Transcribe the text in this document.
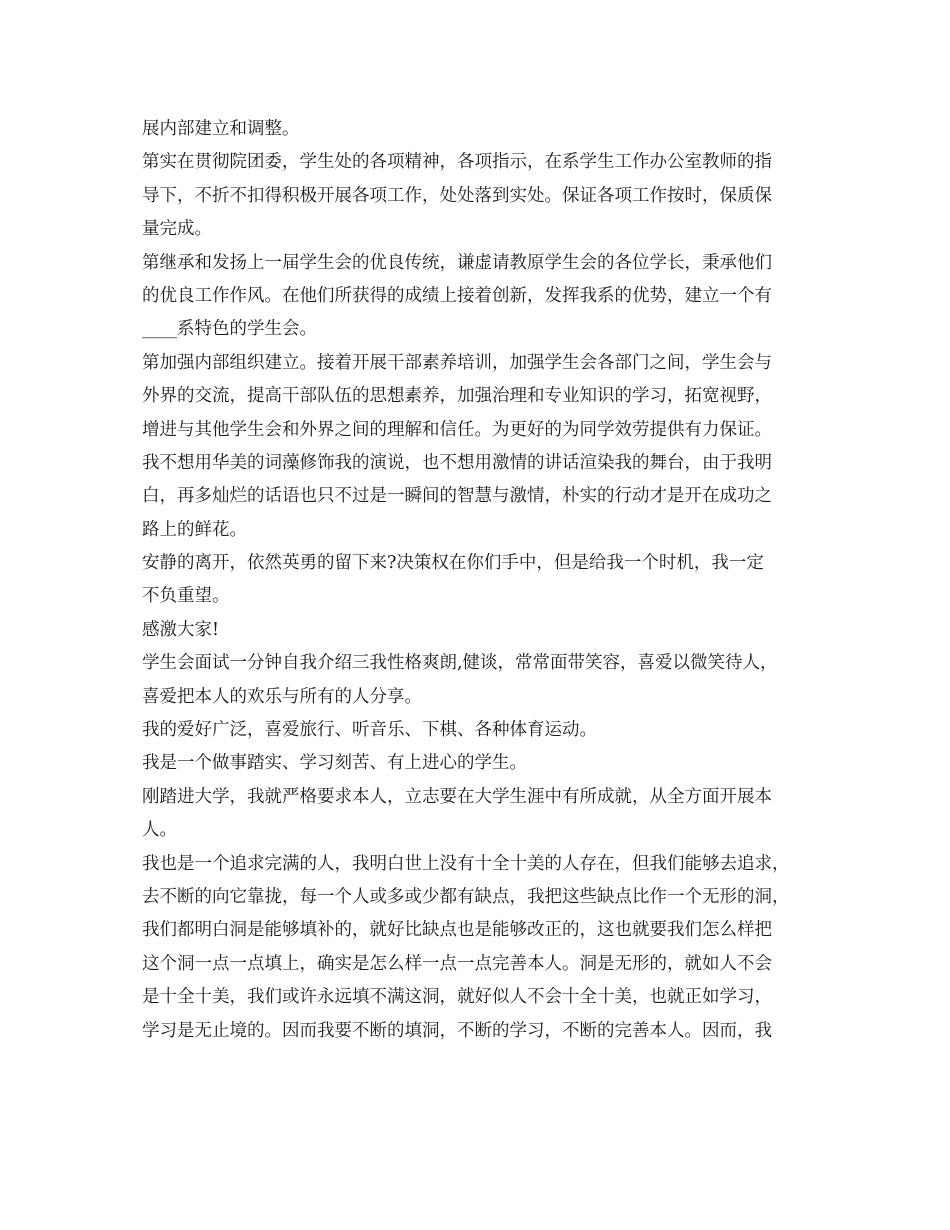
展内部建立和调整。
第实在贯彻院团委，学生处的各项精神，各项指示，在系学生工作办公室教师的指
导下，不折不扣得积极开展各项工作，处处落到实处。保证各项工作按时，保质保
量完成。
第继承和发扬上一届学生会的优良传统，谦虚请教原学生会的各位学长，秉承他们
的优良工作作风。在他们所获得的成绩上接着创新，发挥我系的优势，建立一个有
____系特色的学生会。
第加强内部组织建立。接着开展干部素养培训，加强学生会各部门之间，学生会与
外界的交流，提高干部队伍的思想素养，加强治理和专业知识的学习，拓宽视野，
增进与其他学生会和外界之间的理解和信任。为更好的为同学效劳提供有力保证。
我不想用华美的词藻修饰我的演说，也不想用激情的讲话渲染我的舞台，由于我明
白，再多灿烂的话语也只不过是一瞬间的智慧与激情，朴实的行动才是开在成功之
路上的鲜花。
安静的离开，依然英勇的留下来?决策权在你们手中，但是给我一个时机，我一定
不负重望。
感激大家!
学生会面试一分钟自我介绍三我性格爽朗,健谈，常常面带笑容，喜爱以微笑待人，
喜爱把本人的欢乐与所有的人分享。
我的爱好广泛，喜爱旅行、听音乐、下棋、各种体育运动。
我是一个做事踏实、学习刻苦、有上进心的学生。
刚踏进大学，我就严格要求本人，立志要在大学生涯中有所成就，从全方面开展本
人。
我也是一个追求完满的人，我明白世上没有十全十美的人存在，但我们能够去追求，
去不断的向它靠拢，每一个人或多或少都有缺点，我把这些缺点比作一个无形的洞，
我们都明白洞是能够填补的，就好比缺点也是能够改正的，这也就要我们怎么样把
这个洞一点一点填上，确实是怎么样一点一点完善本人。洞是无形的，就如人不会
是十全十美，我们或许永远填不满这洞，就好似人不会十全十美，也就正如学习，
学习是无止境的。因而我要不断的填洞，不断的学习，不断的完善本人。因而，我
